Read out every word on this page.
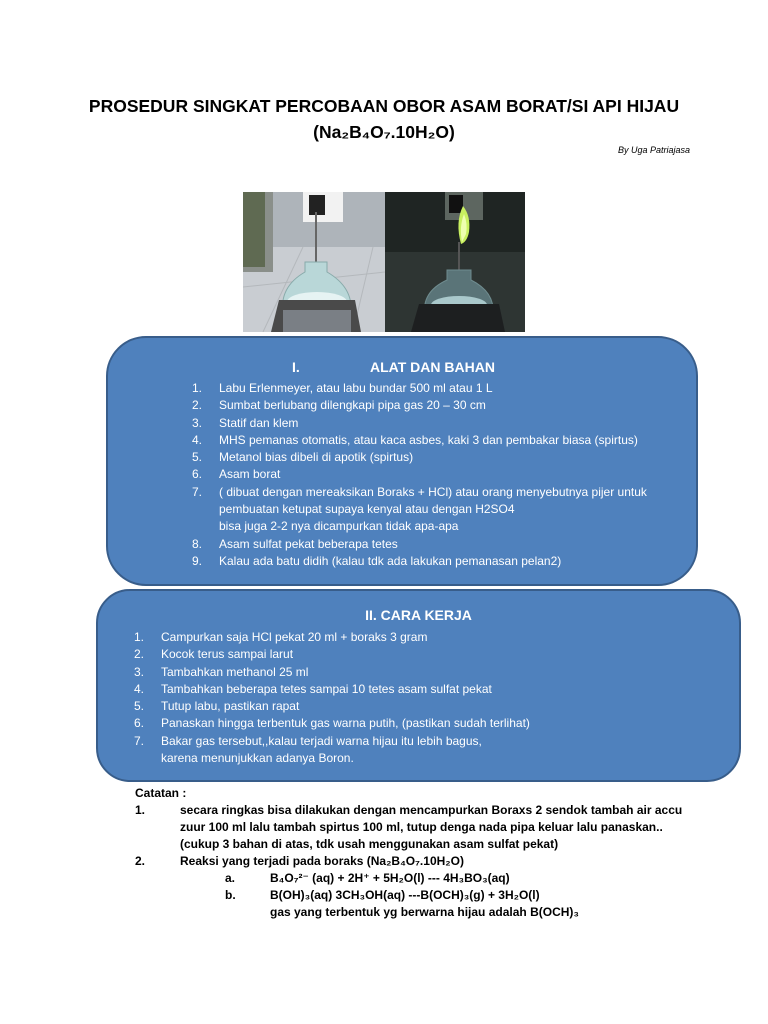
PROSEDUR SINGKAT PERCOBAAN OBOR ASAM BORAT/SI API HIJAU
(Na₂B₄O₇.10H₂O)
By Uga Patriajasa
I.	ALAT DAN BAHAN
1. Labu Erlenmeyer, atau labu bundar 500 ml atau 1 L
2. Sumbat berlubang dilengkapi pipa gas 20 – 30 cm
3. Statif dan klem
4. MHS pemanas otomatis, atau kaca asbes, kaki 3 dan pembakar biasa (spirtus)
5. Metanol bias dibeli di apotik (spirtus)
6. Asam borat
7. ( dibuat dengan mereaksikan Boraks + HCl) atau orang menyebutnya pijer untuk
pembuatan ketupat supaya kenyal atau dengan H2SO4
bisa juga 2-2 nya dicampurkan tidak apa-apa
8. Asam sulfat pekat beberapa tetes
9. Kalau ada batu didih (kalau tdk ada lakukan pemanasan pelan2)
II. CARA KERJA
1. Campurkan saja HCl pekat 20 ml + boraks 3 gram
2. Kocok terus sampai larut
3. Tambahkan methanol 25 ml
4. Tambahkan beberapa tetes sampai 10 tetes asam sulfat pekat
5. Tutup labu, pastikan rapat
6. Panaskan hingga terbentuk gas warna putih, (pastikan sudah terlihat)
7. Bakar gas tersebut,,kalau terjadi warna hijau itu lebih bagus,
karena menunjukkan adanya Boron.
Catatan :
1.	secara ringkas bisa dilakukan dengan mencampurkan Boraxs 2 sendok tambah air accu
zuur 100 ml lalu tambah spirtus 100 ml, tutup denga nada pipa keluar lalu panaskan..
(cukup 3 bahan di atas, tdk usah menggunakan asam sulfat pekat)
2.	Reaksi yang terjadi pada boraks (Na₂B₄O₇.10H₂O)
a.	B₄O₇²⁻ (aq) + 2H⁺ + 5H₂O(l) --- 4H₃BO₃(aq)
b.	B(OH)₃(aq) 3CH₃OH(aq) ---B(OCH)₃(g) + 3H₂O(l)
gas yang terbentuk yg berwarna hijau adalah B(OCH)₃
